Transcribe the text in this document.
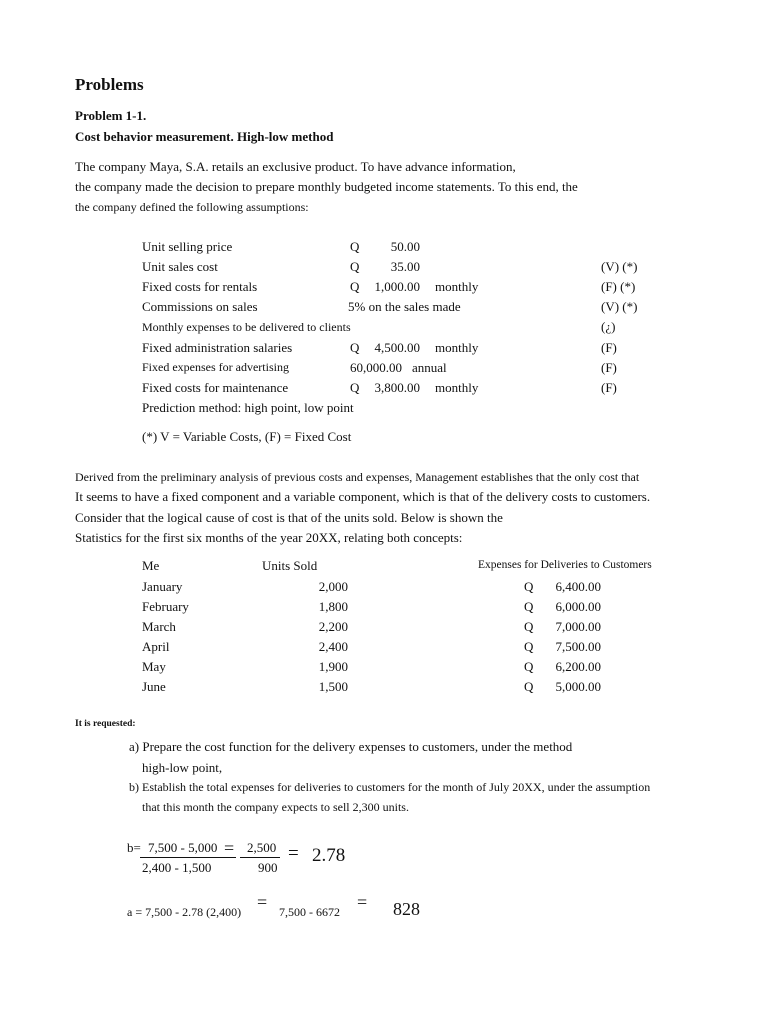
Problems
Problem 1-1.
Cost behavior measurement. High-low method
The company Maya, S.A. retails an exclusive product. To have advance information,
the company made the decision to prepare monthly budgeted income statements. To this end, the
the company defined the following assumptions:
Unit selling price	Q	50.00
Unit sales cost	Q	35.00	(V) (*)
Fixed costs for rentals	Q	1,000.00 monthly	(F) (*)
Commissions on sales	5% on the sales made	(V) (*)
Monthly expenses to be delivered to clients	(¿)
Fixed administration salaries	Q	4,500.00 monthly	(F)
Fixed expenses for advertising	60,000.00 annual	(F)
Fixed costs for maintenance	Q	3,800.00 monthly	(F)
Prediction method: high point, low point
(*) V = Variable Costs, (F) = Fixed Cost
Derived from the preliminary analysis of previous costs and expenses, Management establishes that the only cost that
It seems to have a fixed component and a variable component, which is that of the delivery costs to customers.
Consider that the logical cause of cost is that of the units sold. Below is shown the
Statistics for the first six months of the year 20XX, relating both concepts:
Me	Units Sold	Expenses for Deliveries to Customers
January	2,000	Q	6,400.00
February	1,800	Q	6,000.00
March	2,200	Q	7,000.00
April	2,400	Q	7,500.00
May	1,900	Q	6,200.00
June	1,500	Q	5,000.00
It is requested:
a) Prepare the cost function for the delivery expenses to customers, under the method
high-low point,
b) Establish the total expenses for deliveries to customers for the month of July 20XX, under the assumption
that this month the company expects to sell 2,300 units.
b= 7,500 - 5,000
2,400 - 1,500
= 2,500
900
= 2.78
a = 7,500 - 2.78 (2,400) = 7,500 - 6672 = 828
